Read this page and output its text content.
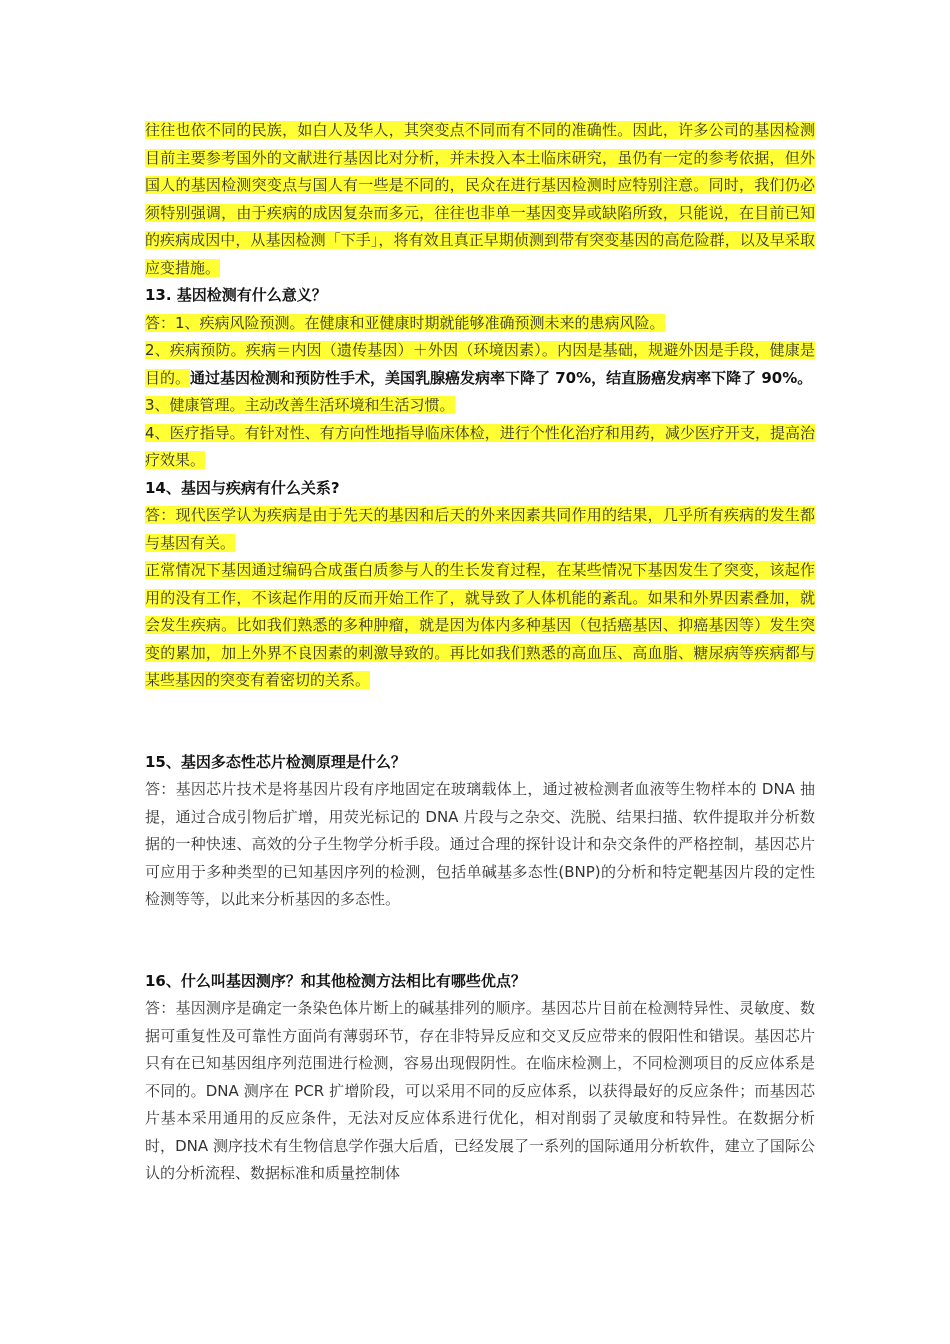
往往也依不同的民族，如白人及华人，其突变点不同而有不同的准确性。因此，许多公司的基因检测目前主要参考国外的文献进行基因比对分析，并未投入本土临床研究，虽仍有一定的参考依据，但外国人的基因检测突变点与国人有一些是不同的，民众在进行基因检测时应特别注意。同时，我们仍必须特别强调，由于疾病的成因复杂而多元，往往也非单一基因变异或缺陷所致，只能说，在目前已知的疾病成因中，从基因检测「下手」，将有效且真正早期侦测到带有突变基因的高危险群，以及早采取应变措施。

13. 基因检测有什么意义？

答：1、疾病风险预测。在健康和亚健康时期就能够准确预测未来的患病风险。

2、疾病预防。疾病＝内因（遗传基因）＋外因（环境因素）。内因是基础，规避外因是手段，健康是目的。通过基因检测和预防性手术，美国乳腺癌发病率下降了 70%，结直肠癌发病率下降了 90%。

3、健康管理。主动改善生活环境和生活习惯。

4、医疗指导。有针对性、有方向性地指导临床体检，进行个性化治疗和用药，减少医疗开支，提高治疗效果。

14、基因与疾病有什么关系?

答：现代医学认为疾病是由于先天的基因和后天的外来因素共同作用的结果，几乎所有疾病的发生都与基因有关。

正常情况下基因通过编码合成蛋白质参与人的生长发育过程，在某些情况下基因发生了突变，该起作用的没有工作，不该起作用的反而开始工作了，就导致了人体机能的紊乱。如果和外界因素叠加，就会发生疾病。比如我们熟悉的多种肿瘤，就是因为体内多种基因（包括癌基因、抑癌基因等）发生突变的累加，加上外界不良因素的刺激导致的。再比如我们熟悉的高血压、高血脂、糖尿病等疾病都与某些基因的突变有着密切的关系。

15、基因多态性芯片检测原理是什么？

答：基因芯片技术是将基因片段有序地固定在玻璃载体上，通过被检测者血液等生物样本的 DNA 抽提，通过合成引物后扩增，用荧光标记的 DNA 片段与之杂交、洗脱、结果扫描、软件提取并分析数据的一种快速、高效的分子生物学分析手段。通过合理的探针设计和杂交条件的严格控制，基因芯片可应用于多种类型的已知基因序列的检测，包括单碱基多态性(BNP)的分析和特定靶基因片段的定性检测等等，以此来分析基因的多态性。

16、什么叫基因测序？和其他检测方法相比有哪些优点？

答：基因测序是确定一条染色体片断上的碱基排列的顺序。基因芯片目前在检测特异性、灵敏度、数据可重复性及可靠性方面尚有薄弱环节，存在非特异反应和交叉反应带来的假阳性和错误。基因芯片只有在已知基因组序列范围进行检测，容易出现假阴性。在临床检测上，不同检测项目的反应体系是不同的。DNA 测序在 PCR 扩增阶段，可以采用不同的反应体系，以获得最好的反应条件；而基因芯片基本采用通用的反应条件，无法对反应体系进行优化，相对削弱了灵敏度和特异性。在数据分析时，DNA 测序技术有生物信息学作强大后盾，已经发展了一系列的国际通用分析软件，建立了国际公认的分析流程、数据标准和质量控制体
